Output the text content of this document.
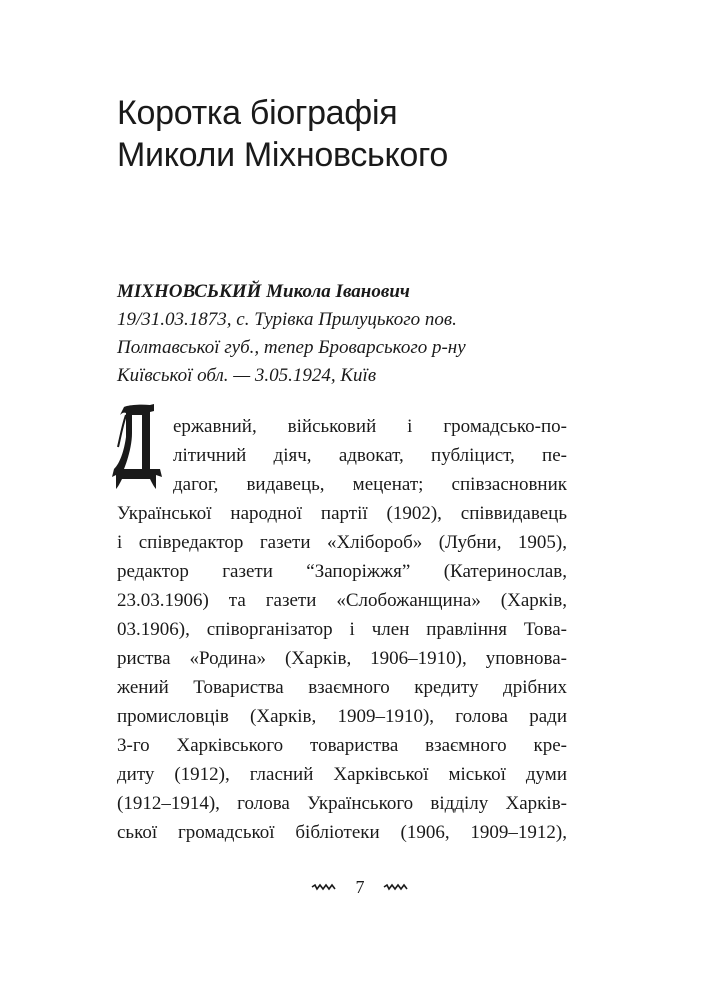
Коротка біографія
Миколи Міхновського
МІХНОВСЬКИЙ Микола Іванович
19/31.03.1873, с. Турівка Прилуцького пов.
Полтавської губ., тепер Броварського р-ну
Київської обл. — 3.05.1924, Київ
Д
ержавний, військовий і громадсько-по-
літичний діяч, адвокат, публіцист, пе-
дагог, видавець, меценат; співзасновник
Української народної партії (1902), співвидавець
і співредактор газети «Хлібороб» (Лубни, 1905),
редактор газети “Запоріжжя” (Катеринослав,
23.03.1906) та газети «Слобожанщина» (Харків,
03.1906), співорганізатор і член правління Това-
риства «Родина» (Харків, 1906–1910), уповнова-
жений Товариства взаємного кредиту дрібних
промисловців (Харків, 1909–1910), голова ради
3-го Харківського товариства взаємного кре-
диту (1912), гласний Харківської міської думи
(1912–1914), голова Українського відділу Харків-
ської громадської бібліотеки (1906, 1909–1912),
7
